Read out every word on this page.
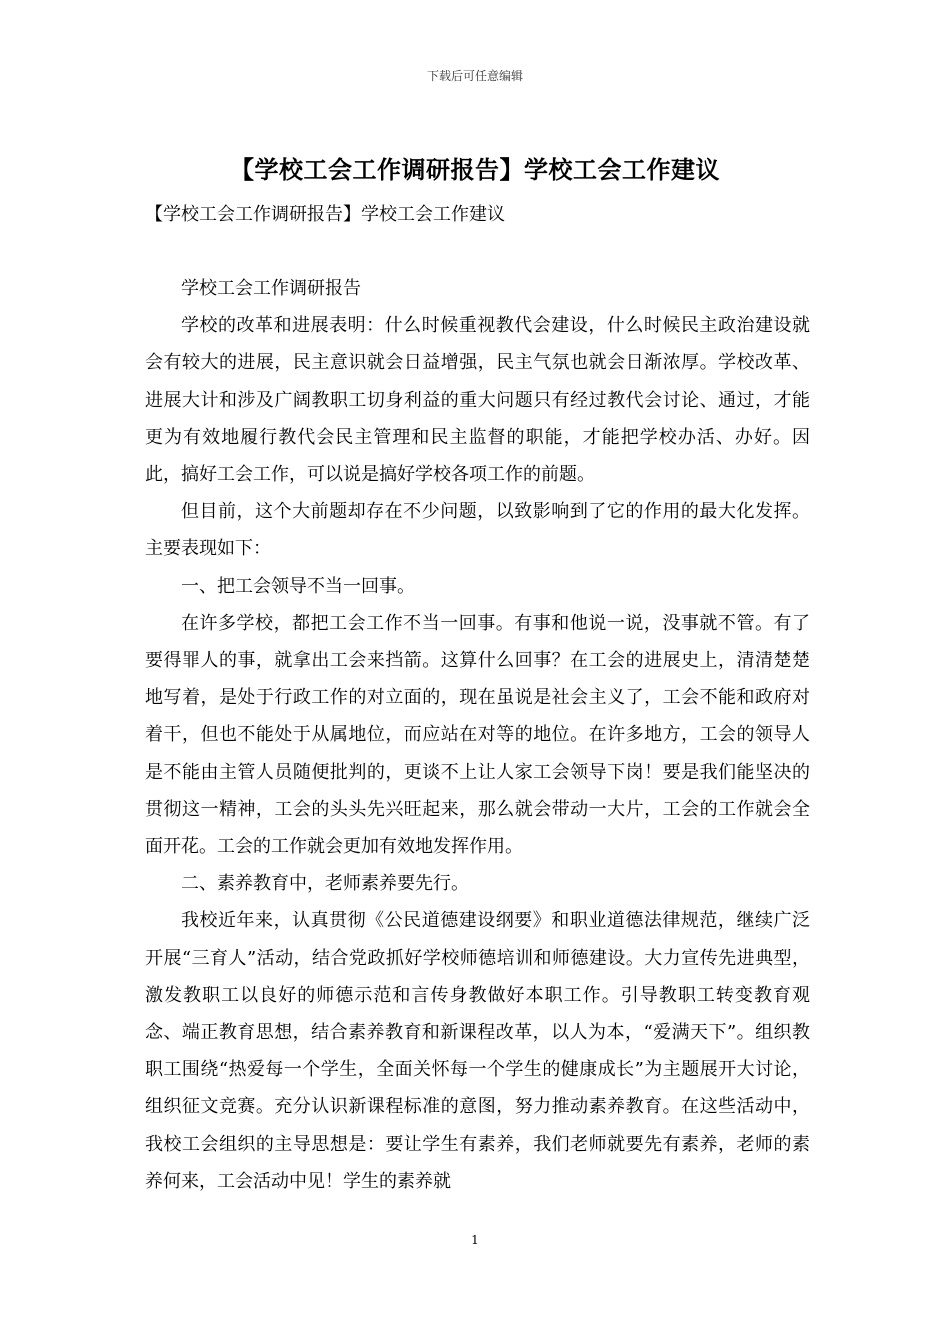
下载后可任意编辑
【学校工会工作调研报告】学校工会工作建议
【学校工会工作调研报告】学校工会工作建议

学校工会工作调研报告

学校的改革和进展表明：什么时候重视教代会建设，什么时候民主政治建设就会有较大的进展，民主意识就会日益增强，民主气氛也就会日渐浓厚。学校改革、进展大计和涉及广阔教职工切身利益的重大问题只有经过教代会讨论、通过，才能更为有效地履行教代会民主管理和民主监督的职能，才能把学校办活、办好。因此，搞好工会工作，可以说是搞好学校各项工作的前题。

但目前，这个大前题却存在不少问题，以致影响到了它的作用的最大化发挥。主要表现如下：

一、把工会领导不当一回事。

在许多学校，都把工会工作不当一回事。有事和他说一说，没事就不管。有了要得罪人的事，就拿出工会来挡箭。这算什么回事？在工会的进展史上，清清楚楚地写着，是处于行政工作的对立面的，现在虽说是社会主义了，工会不能和政府对着干，但也不能处于从属地位，而应站在对等的地位。在许多地方，工会的领导人是不能由主管人员随便批判的，更谈不上让人家工会领导下岗！要是我们能坚决的贯彻这一精神，工会的头头先兴旺起来，那么就会带动一大片，工会的工作就会全面开花。工会的工作就会更加有效地发挥作用。

二、素养教育中，老师素养要先行。

我校近年来，认真贯彻《公民道德建设纲要》和职业道德法律规范，继续广泛开展“三育人”活动，结合党政抓好学校师德培训和师德建设。大力宣传先进典型，激发教职工以良好的师德示范和言传身教做好本职工作。引导教职工转变教育观念、端正教育思想，结合素养教育和新课程改革，以人为本，“爱满天下”。组织教职工围绕“热爱每一个学生，全面关怀每一个学生的健康成长”为主题展开大讨论，组织征文竞赛。充分认识新课程标准的意图，努力推动素养教育。在这些活动中，我校工会组织的主导思想是：要让学生有素养，我们老师就要先有素养，老师的素养何来，工会活动中见！学生的素养就

1
